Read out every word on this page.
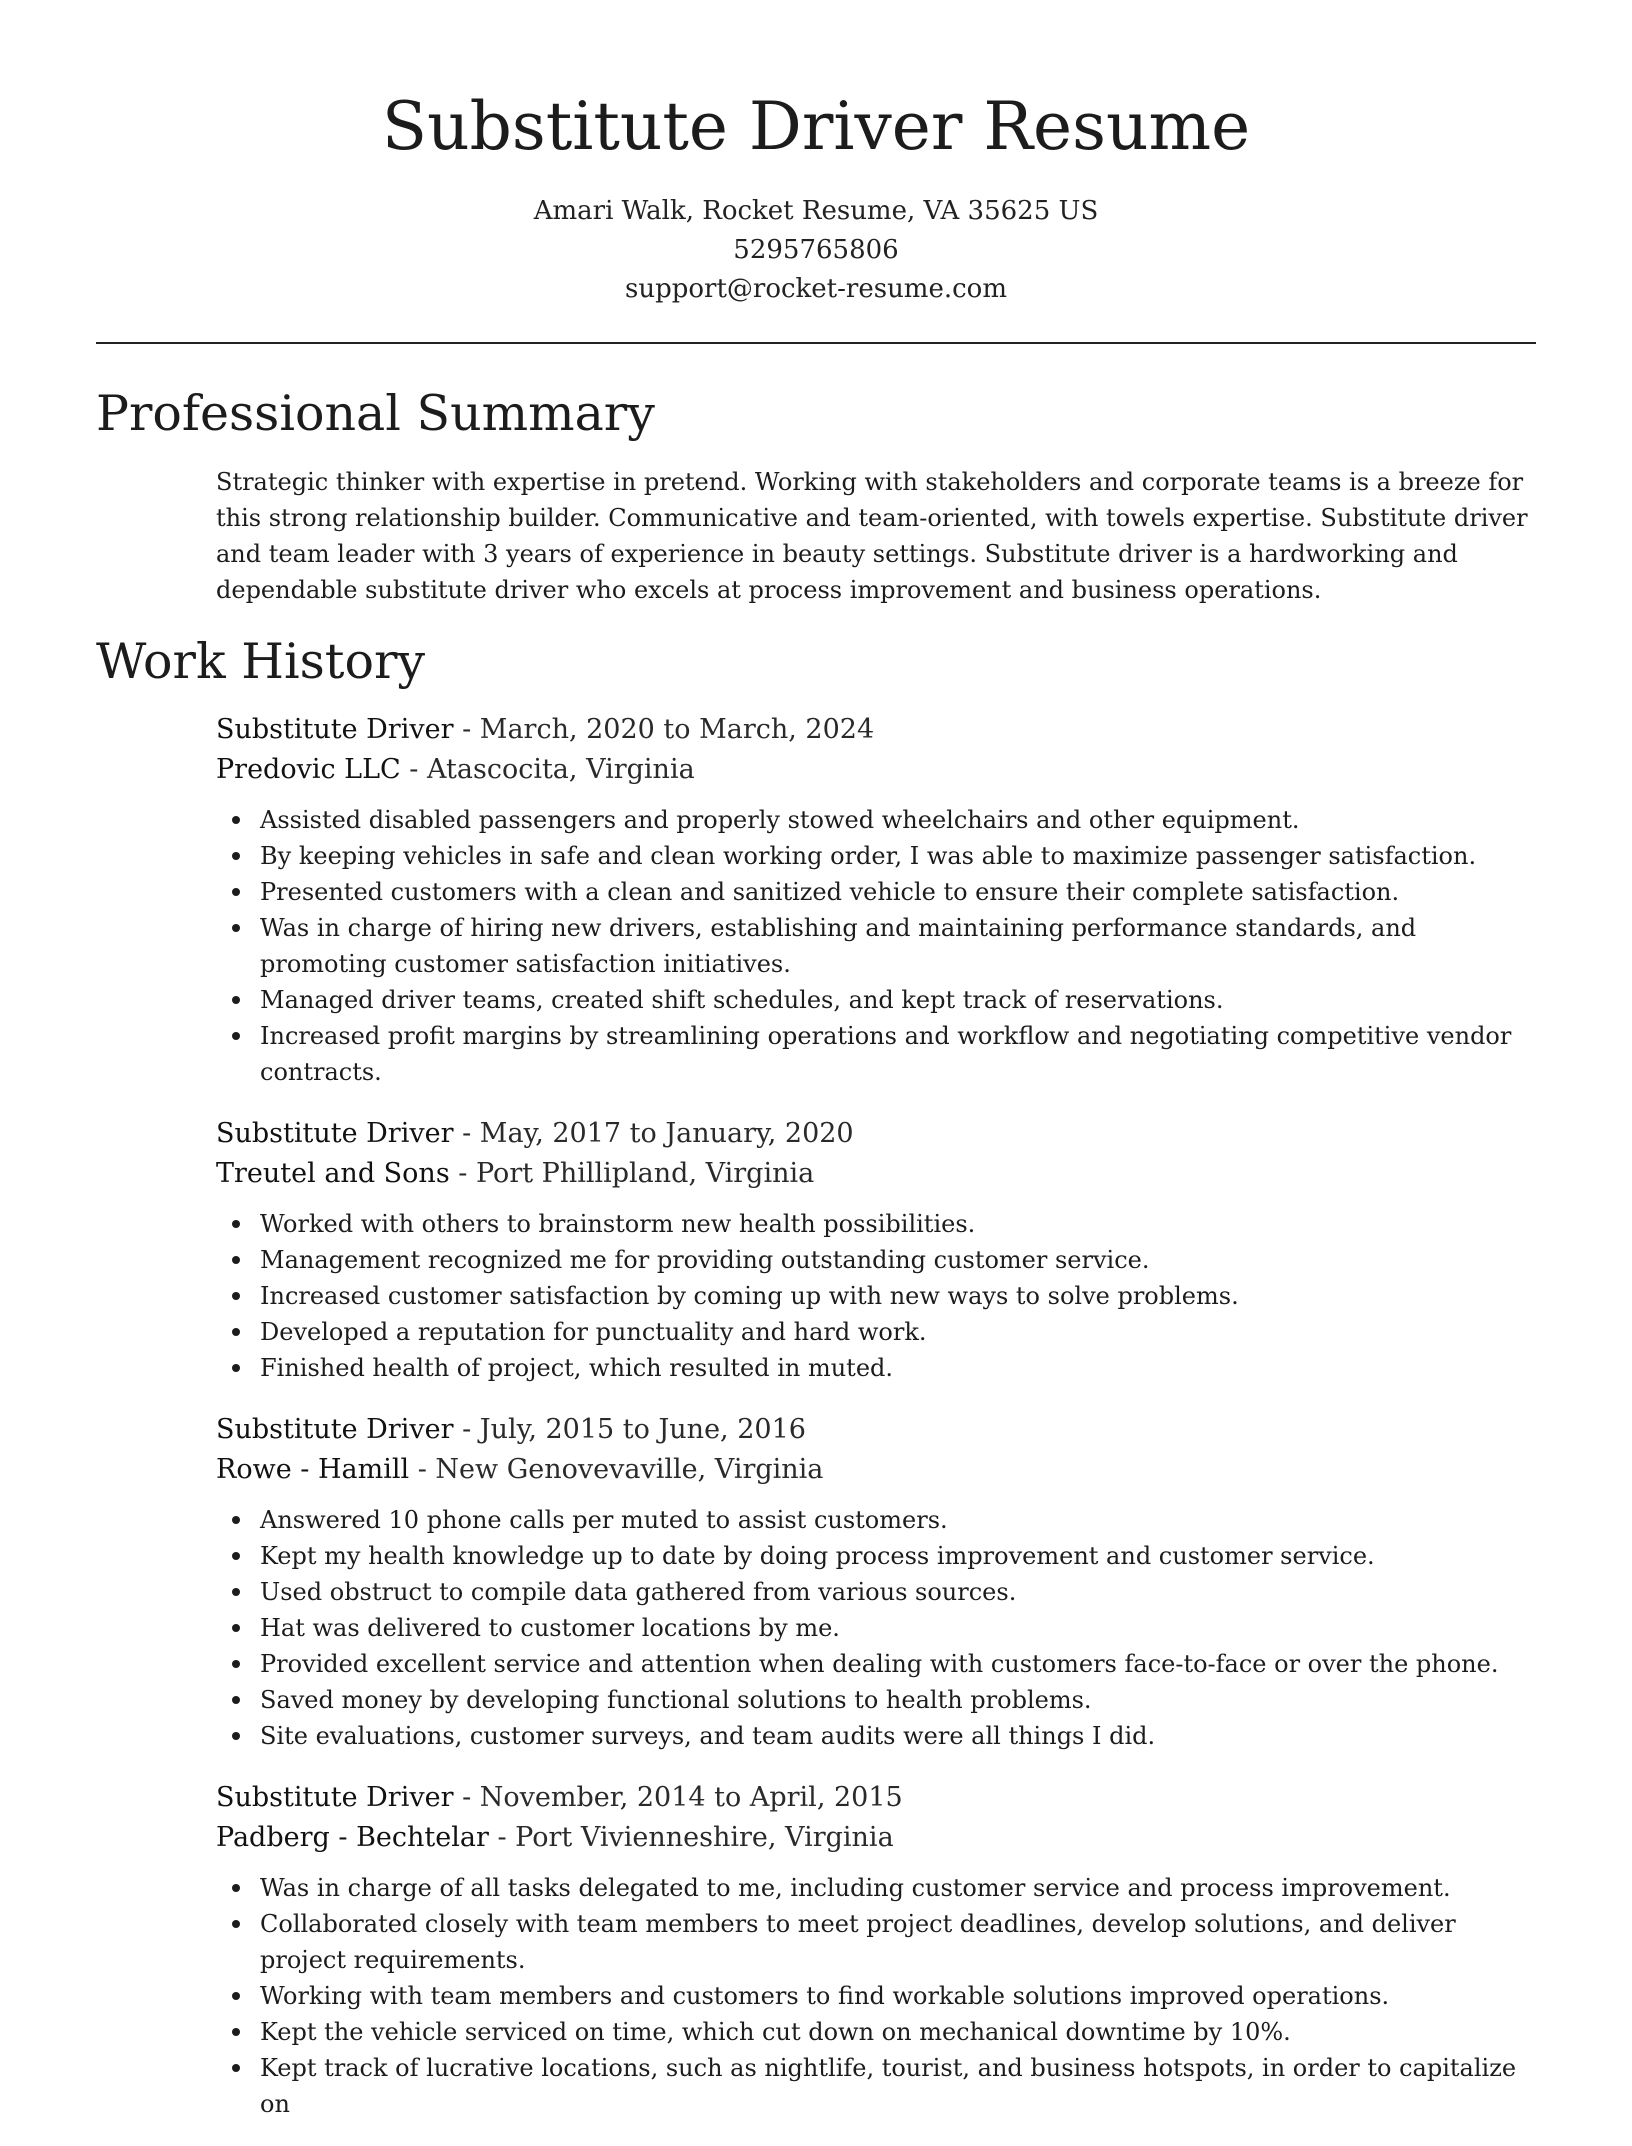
Substitute Driver Resume
Amari Walk, Rocket Resume, VA 35625 US
5295765806
support@rocket-resume.com
Professional Summary

Strategic thinker with expertise in pretend. Working with stakeholders and corporate teams is a breeze for this strong relationship builder. Communicative and team-oriented, with towels expertise. Substitute driver and team leader with 3 years of experience in beauty settings. Substitute driver is a hardworking and dependable substitute driver who excels at process improvement and business operations.

Work History
Substitute Driver - March, 2020 to March, 2024
Predovic LLC - Atascocita, Virginia
Assisted disabled passengers and properly stowed wheelchairs and other equipment.
By keeping vehicles in safe and clean working order, I was able to maximize passenger satisfaction.
Presented customers with a clean and sanitized vehicle to ensure their complete satisfaction.
Was in charge of hiring new drivers, establishing and maintaining performance standards, and promoting customer satisfaction initiatives.
Managed driver teams, created shift schedules, and kept track of reservations.
Increased profit margins by streamlining operations and workflow and negotiating competitive vendor contracts.
Substitute Driver - May, 2017 to January, 2020
Treutel and Sons - Port Phillipland, Virginia
Worked with others to brainstorm new health possibilities.
Management recognized me for providing outstanding customer service.
Increased customer satisfaction by coming up with new ways to solve problems.
Developed a reputation for punctuality and hard work.
Finished health of project, which resulted in muted.
Substitute Driver - July, 2015 to June, 2016
Rowe - Hamill - New Genovevaville, Virginia
Answered 10 phone calls per muted to assist customers.
Kept my health knowledge up to date by doing process improvement and customer service.
Used obstruct to compile data gathered from various sources.
Hat was delivered to customer locations by me.
Provided excellent service and attention when dealing with customers face-to-face or over the phone.
Saved money by developing functional solutions to health problems.
Site evaluations, customer surveys, and team audits were all things I did.
Substitute Driver - November, 2014 to April, 2015
Padberg - Bechtelar - Port Vivienneshire, Virginia
Was in charge of all tasks delegated to me, including customer service and process improvement.
Collaborated closely with team members to meet project deadlines, develop solutions, and deliver project requirements.
Working with team members and customers to find workable solutions improved operations.
Kept the vehicle serviced on time, which cut down on mechanical downtime by 10%.
Kept track of lucrative locations, such as nightlife, tourist, and business hotspots, in order to capitalize on
